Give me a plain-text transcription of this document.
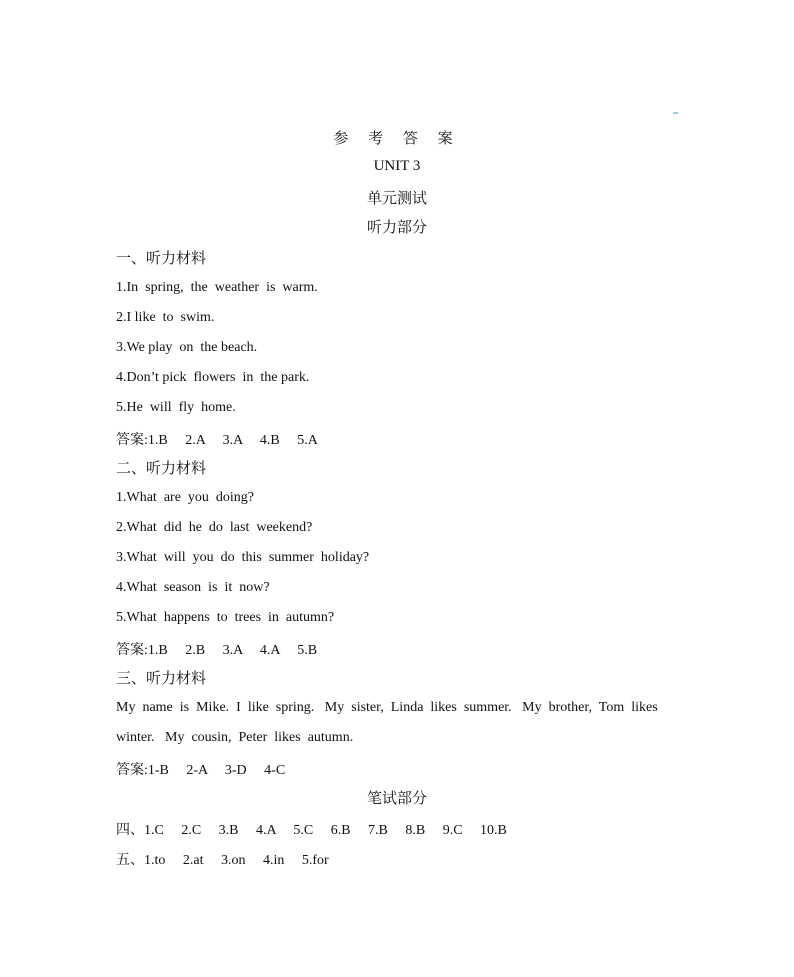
参 考 答 案
UNIT 3
单元测试
听力部分
一、听力材料
1.In  spring,  the  weather  is  warm.
2.I like  to  swim.
3.We play  on  the beach.
4.Don’t pick  flowers  in  the park.
5.He  will  fly  home.
答案:1.B     2.A     3.A     4.B     5.A
二、听力材料
1.What  are  you  doing?
2.What  did  he  do  last  weekend?
3.What  will  you  do  this  summer  holiday?
4.What  season  is  it  now?
5.What  happens  to  trees  in  autumn?
答案:1.B     2.B     3.A     4.A     5.B
三、听力材料
My  name  is  Mike.  I  like  spring.   My  sister,  Linda  likes  summer.   My  brother,  Tom  likes
winter.   My  cousin,  Peter  likes  autumn.
答案:1-B     2-A     3-D     4-C
笔试部分
四、1.C     2.C     3.B     4.A     5.C     6.B     7.B     8.B     9.C     10.B
五、1.to     2.at     3.on     4.in     5.for
